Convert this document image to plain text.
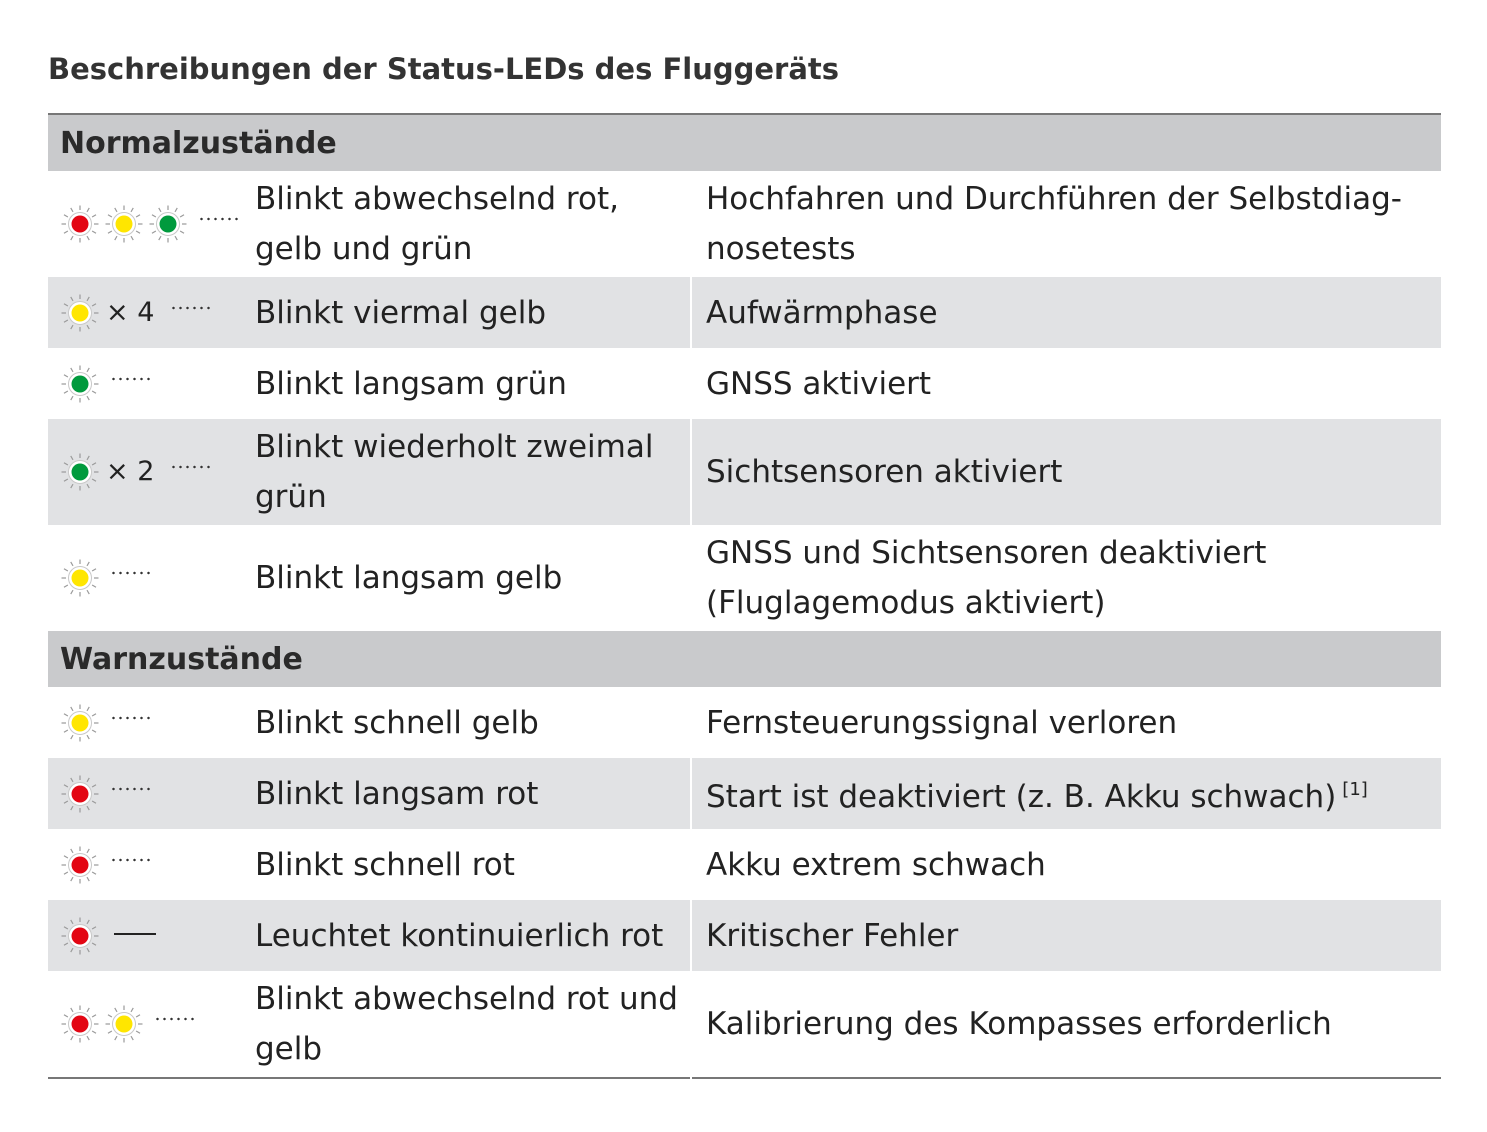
Beschreibungen der Status-LEDs des Fluggeräts
Normalzustände		

	Blinkt abwechselnd rot, gelb und grün	Hochfahren und Durchführen der Selbstdiagnosetests

× 4	Blinkt viermal gelb	Aufwärmphase

	Blinkt langsam grün	GNSS aktiviert

× 2	Blinkt wiederholt zweimal grün	Sichtsensoren aktiviert

	Blinkt langsam gelb	GNSS und Sichtsensoren deaktiviert (Fluglagemodus aktiviert)
Warnzustände		

	Blinkt schnell gelb	Fernsteuerungssignal verloren

	Blinkt langsam rot	Start ist deaktiviert (z. B. Akku schwach) [1]

	Blinkt schnell rot	Akku extrem schwach

	Leuchtet kontinuierlich rot	Kritischer Fehler

	Blinkt abwechselnd rot und gelb	Kalibrierung des Kompasses erforderlich
